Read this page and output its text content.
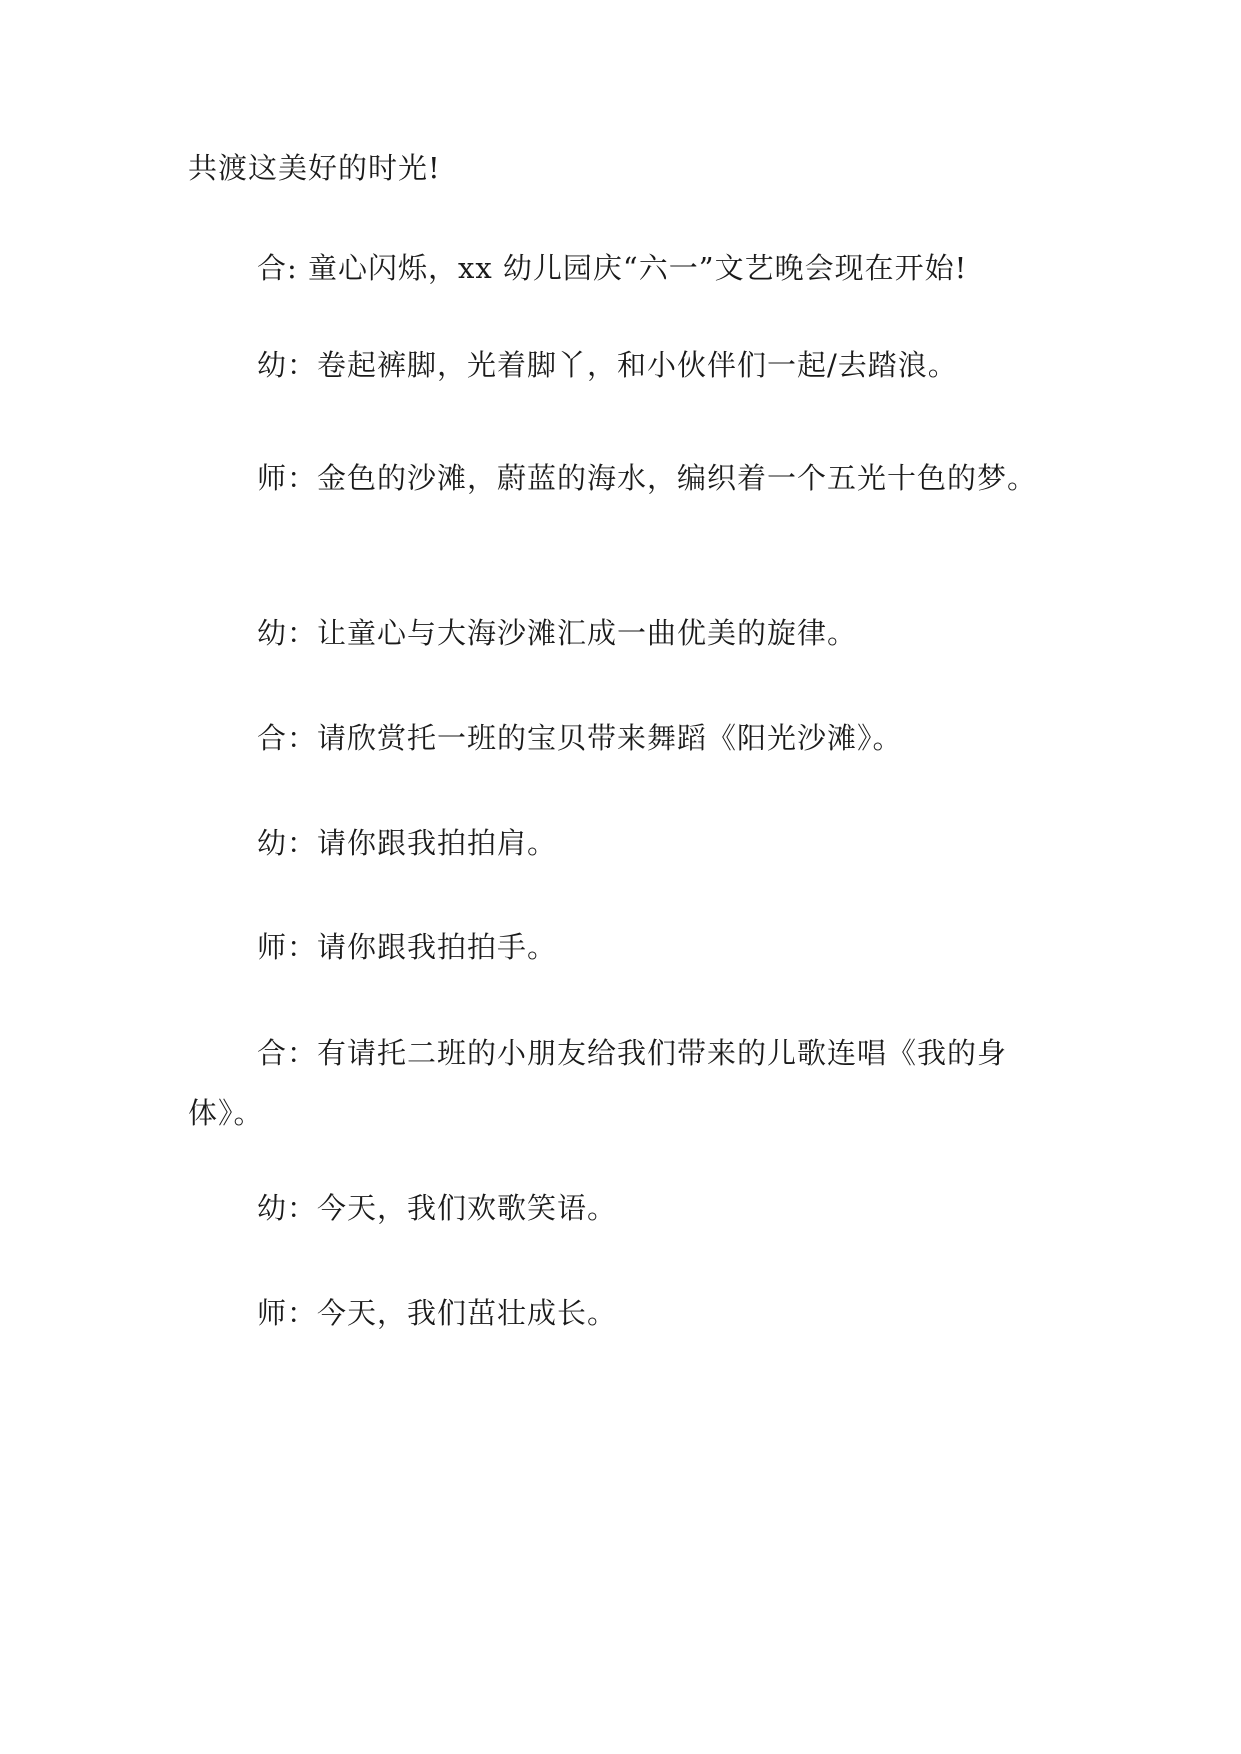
共渡这美好的时光!

合: 童心闪烁，xx 幼儿园庆“六一”文艺晚会现在开始!

幼：卷起裤脚，光着脚丫，和小伙伴们一起/去踏浪。

师：金色的沙滩，蔚蓝的海水，编织着一个五光十色的梦。

幼：让童心与大海沙滩汇成一曲优美的旋律。

合：请欣赏托一班的宝贝带来舞蹈《阳光沙滩》。

幼：请你跟我拍拍肩。

师：请你跟我拍拍手。

合：有请托二班的小朋友给我们带来的儿歌连唱《我的身体》。

幼：今天，我们欢歌笑语。

师：今天，我们茁壮成长。
